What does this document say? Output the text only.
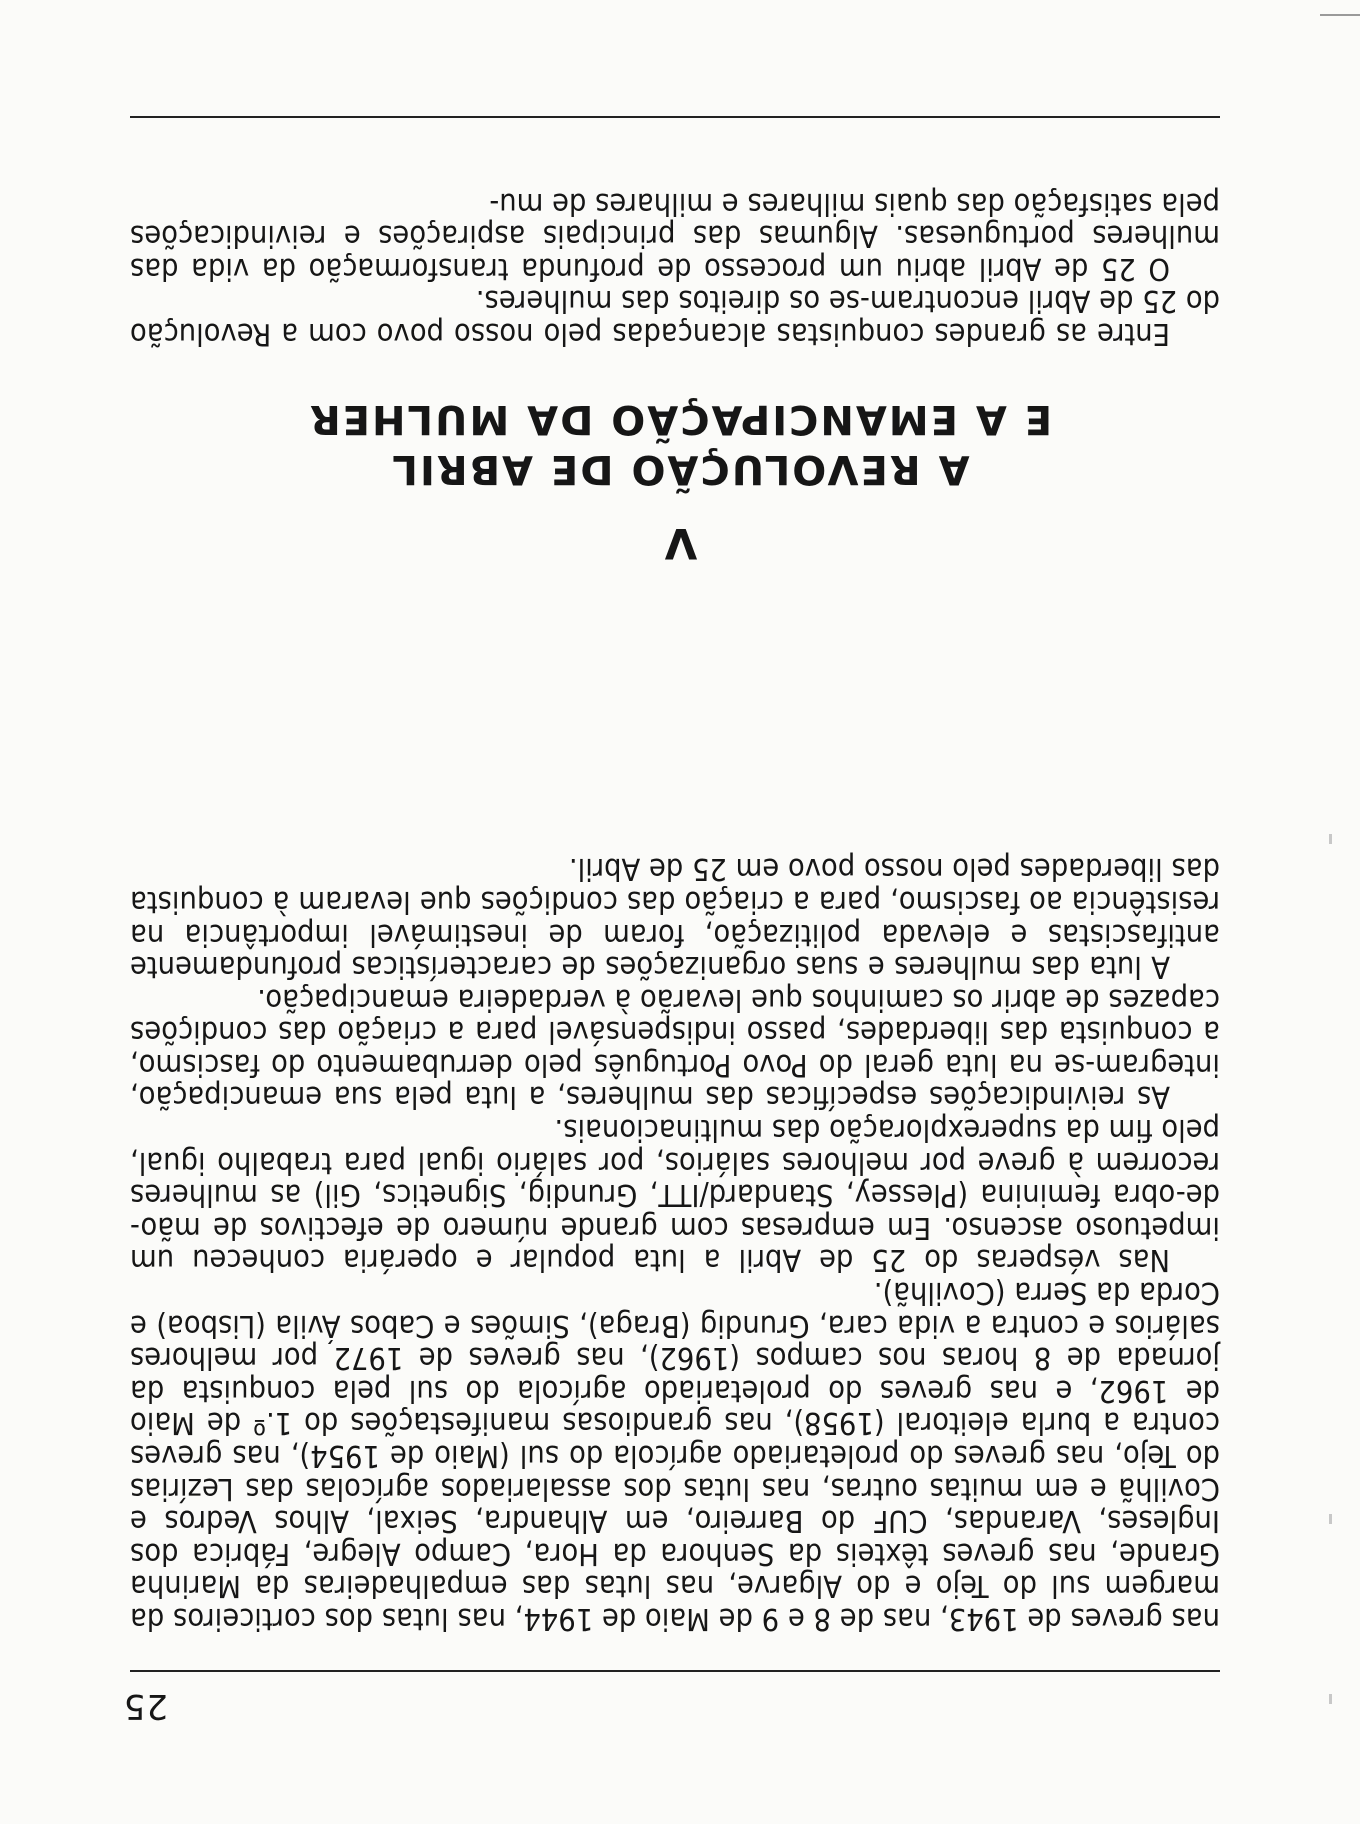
25

nas greves de 1943, nas de 8 e 9 de Maio de 1944, nas lutas dos corticeiros da margem sul do Tejo e do Algarve, nas lutas das empalhadeiras da Marinha Grande, nas greves têxteis da Senhora da Hora, Campo Alegre, Fábrica dos Ingleses, Varandas, CUF do Barreiro, em Alhandra, Seixal, Alhos Vedros e Covilhã e em muitas outras, nas lutas dos assalariados agrícolas das Lezírias do Tejo, nas greves do proletariado agrícola do sul (Maio de 1954), nas greves contra a burla eleitoral (1958), nas grandiosas manifestações do 1.º de Maio de 1962, e nas greves do proletariado agrícola do sul pela conquista da jornada de 8 horas nos campos (1962), nas greves de 1972 por melhores salários e contra a vida cara, Grundig (Braga), Simões e Cabos Ávila (Lisboa) e Corda da Serra (Covilhã).

Nas vésperas do 25 de Abril a luta popular e operária conheceu um impetuoso ascenso. Em empresas com grande número de efectivos de mão-de-obra feminina (Plessey, Standard/ITT, Grundig, Signetics, Gil) as mulheres recorrem à greve por melhores salários, por salário igual para trabalho igual, pelo fim da superexploração das multinacionais.

As reivindicações específicas das mulheres, a luta pela sua emancipação, integram-se na luta geral do Povo Português pelo derrubamento do fascismo, a conquista das liberdades, passo indispensável para a criação das condições capazes de abrir os caminhos que levarão à verdadeira emancipação.

A luta das mulheres e suas organizações de características profundamente antifascistas e elevada politização, foram de inestimável importância na resistência ao fascismo, para a criação das condições que levaram à conquista das liberdades pelo nosso povo em 25 de Abril.

V
A REVOLUÇÃO DE ABRIL
E A EMANCIPAÇÃO DA MULHER

Entre as grandes conquistas alcançadas pelo nosso povo com a Revolução do 25 de Abril encontram-se os direitos das mulheres.

O 25 de Abril abriu um processo de profunda transformação da vida das mulheres portuguesas. Algumas das principais aspirações e reivindicações pela satisfação das quais milhares e milhares de mu-
